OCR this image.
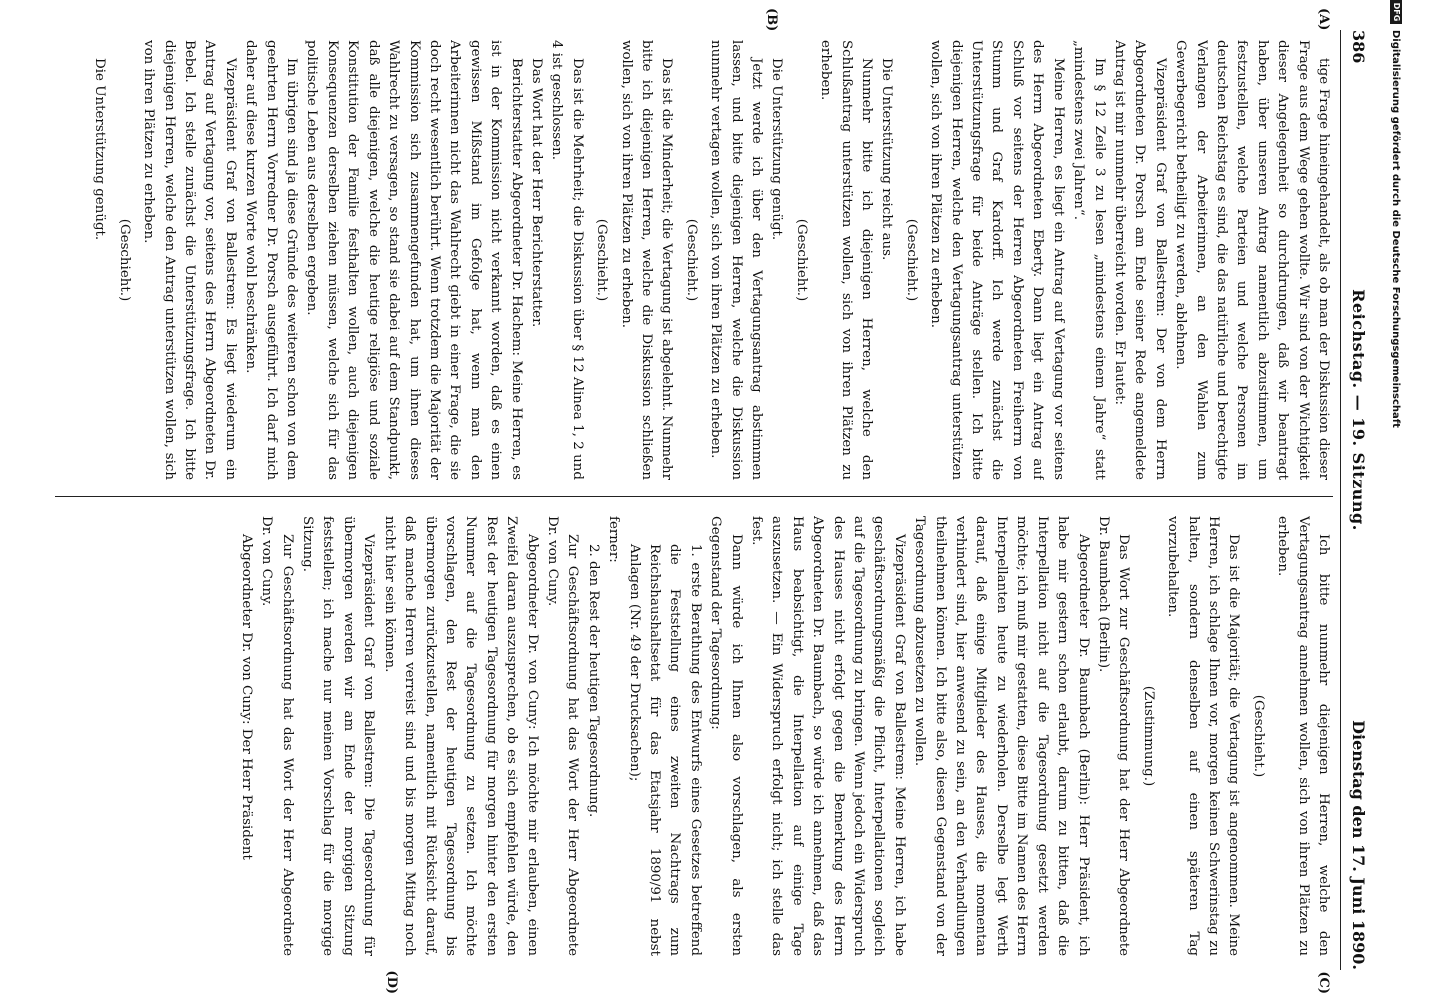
386
Reichstag. — 19. Sitzung.
Dienstag den 17. Juni 1890.
(A)
(B)
(C)
(D)

tige Frage hineingehandelt, als ob man der Diskussion dieser Frage aus dem Wege gehen wollte. Wir sind von der Wichtigkeit dieser Angelegenheit so durchdrungen, daß wir beantragt haben, über unseren Antrag namentlich abzustimmen, um festzustellen, welche Parteien und welche Personen im deutschen Reichstag es sind, die das natürliche und berechtigte Verlangen der Arbeiterinnen, an den Wahlen zum Gewerbegericht betheiligt zu werden, ablehnen.

Vizepräsident Graf von Ballestrem: Der von dem Herrn Abgeordneten Dr. Porsch am Ende seiner Rede angemeldete Antrag ist mir nunmehr überreicht worden. Er lautet:

Im § 12 Zeile 3 zu lesen „mindestens einem Jahre“ statt „mindestens zwei Jahren“.

Meine Herren, es liegt ein Antrag auf Vertagung vor seitens des Herrn Abgeordneten Eberty. Dann liegt ein Antrag auf Schluß vor seitens der Herren Abgeordneten Freiherrn von Stumm und Graf Kardorff. Ich werde zunächst die Unterstützungsfrage für beide Anträge stellen. Ich bitte diejenigen Herren, welche den Vertagungsantrag unterstützen wollen, sich von ihren Plätzen zu erheben.

(Geschieht.)

Die Unterstützung reicht aus.

Nunmehr bitte ich diejenigen Herren, welche den Schlußantrag unterstützen wollen, sich von ihren Plätzen zu erheben.

(Geschieht.)

Die Unterstützung genügt.

Jetzt werde ich über den Vertagungsantrag abstimmen lassen, und bitte diejenigen Herren, welche die Diskussion nunmehr vertagen wollen, sich von ihren Plätzen zu erheben.

(Geschieht.)

Das ist die Minderheit; die Vertagung ist abgelehnt. Nunmehr bitte ich diejenigen Herren, welche die Diskussion schließen wollen, sich von ihren Plätzen zu erheben.

(Geschieht.)

Das ist die Mehrheit; die Diskussion über § 12 Alinea 1, 2 und 4 ist geschlossen.

Das Wort hat der Herr Berichterstatter.

Berichterstatter Abgeordneter Dr. Hachem: Meine Herren, es ist in der Kommission nicht verkannt worden, daß es einen gewissen Mißstand im Gefolge hat, wenn man den Arbeiterinnen nicht das Wahlrecht giebt in einer Frage, die sie doch recht wesentlich berührt. Wenn trotzdem die Majorität der Kommission sich zusammengefunden hat, um ihnen dieses Wahlrecht zu versagen, so stand sie dabei auf dem Standpunkt, daß alle diejenigen, welche die heutige religiöse und soziale Konstitution der Familie festhalten wollen, auch diejenigen Konsequenzen derselben ziehen müssen, welche sich für das politische Leben aus derselben ergeben.

Im übrigen sind ja diese Gründe des weiteren schon von dem geehrten Herrn Vorredner Dr. Porsch ausgeführt. Ich darf mich daher auf diese kurzen Worte wohl beschränken.

Vizepräsident Graf von Ballestrem: Es liegt wiederum ein Antrag auf Vertagung vor, seitens des Herrn Abgeordneten Dr. Bebel. Ich stelle zunächst die Unterstützungsfrage. Ich bitte diejenigen Herren, welche den Antrag unterstützen wollen, sich von ihren Plätzen zu erheben.

(Geschieht.)

Die Unterstützung genügt.

Ich bitte nunmehr diejenigen Herren, welche den Vertagungsantrag annehmen wollen, sich von ihren Plätzen zu erheben.

(Geschieht.)

Das ist die Majorität; die Vertagung ist angenommen. Meine Herren, ich schlage Ihnen vor, morgen keinen Schwerinstag zu halten, sondern denselben auf einen späteren Tag vorzubehalten.

(Zustimmung.)

Das Wort zur Geschäftsordnung hat der Herr Abgeordnete Dr. Baumbach (Berlin).

Abgeordneter Dr. Baumbach (Berlin): Herr Präsident, ich habe mir gestern schon erlaubt, darum zu bitten, daß die Interpellation nicht auf die Tagesordnung gesetzt werden möchte; ich muß mir gestatten, diese Bitte im Namen des Herrn Interpellanten heute zu wiederholen. Derselbe legt Werth darauf, daß einige Mitglieder des Hauses, die momentan verhindert sind, hier anwesend zu sein, an den Verhandlungen theilnehmen können. Ich bitte also, diesen Gegenstand von der Tagesordnung abzusetzen zu wollen.

Vizepräsident Graf von Ballestrem: Meine Herren, ich habe geschäftsordnungsmäßig die Pflicht, Interpellationen sogleich auf die Tagesordnung zu bringen. Wenn jedoch ein Widerspruch des Hauses nicht erfolgt gegen die Bemerkung des Herrn Abgeordneten Dr. Baumbach, so würde ich annehmen, daß das Haus beabsichtigt, die Interpellation auf einige Tage auszusetzen. — Ein Widerspruch erfolgt nicht; ich stelle das fest.

Dann würde ich Ihnen also vorschlagen, als ersten Gegenstand der Tagesordnung:

1. erste Berathung des Entwurfs eines Gesetzes betreffend die Feststellung eines zweiten Nachtrags zum Reichshaushaltsetat für das Etatsjahr 1890/91 nebst Anlagen (Nr. 49 der Drucksachen);

ferner:

2. den Rest der heutigen Tagesordnung.

Zur Geschäftsordnung hat das Wort der Herr Abgeordnete Dr. von Cuny.

Abgeordneter Dr. von Cuny: Ich möchte mir erlauben, einen Zweifel daran auszusprechen, ob es sich empfehlen würde, den Rest der heutigen Tagesordnung für morgen hinter den ersten Nummer auf die Tagesordnung zu setzen. Ich möchte vorschlagen, den Rest der heutigen Tagesordnung bis übermorgen zurückzustellen, namentlich mit Rücksicht darauf, daß manche Herren verreist sind und bis morgen Mittag noch nicht hier sein können.

Vizepräsident Graf von Ballestrem: Die Tagesordnung für übermorgen werden wir am Ende der morgigen Sitzung feststellen; ich mache nur meinen Vorschlag für die morgige Sitzung.

Zur Geschäftsordnung hat das Wort der Herr Abgeordnete Dr. von Cuny.

Abgeordneter Dr. von Cuny: Der Herr Präsident

DFG
Digitalisierung gefördert durch die Deutsche Forschungsgemeinschaft
